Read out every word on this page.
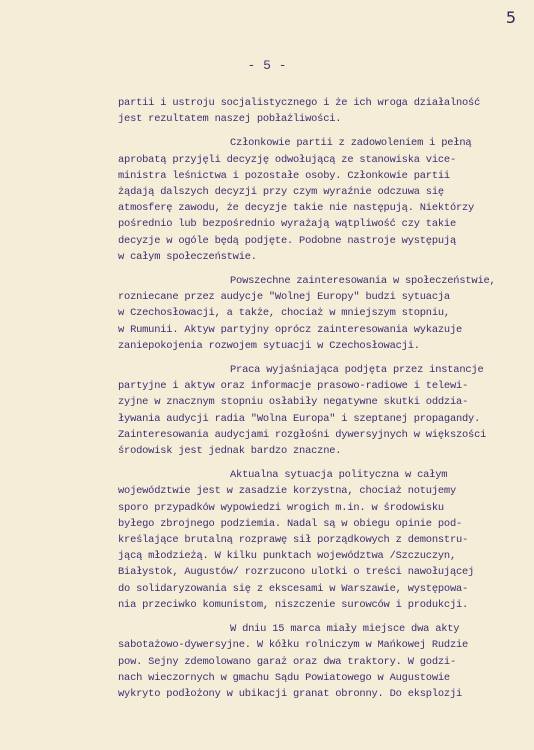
5
- 5 -
partii i ustroju socjalistycznego i że ich wroga działalność
jest rezultatem naszej pobłażliwości.
Członkowie partii z zadowoleniem i pełną
aprobatą przyjęli decyzję odwołującą ze stanowiska vice-
ministra leśnictwa i pozostałe osoby. Członkowie partii
żądają dalszych decyzji przy czym wyraźnie odczuwa się
atmosferę zawodu, że decyzje takie nie następują. Niektórzy
pośrednio lub bezpośrednio wyrażają wątpliwość czy takie
decyzje w ogóle będą podjęte. Podobne nastroje występują
w całym społeczeństwie.
Powszechne zainteresowania w społeczeństwie,
rozniecane przez audycje "Wolnej Europy" budzi sytuacja
w Czechosłowacji, a także, chociaż w mniejszym stopniu,
w Rumunii. Aktyw partyjny oprócz zainteresowania wykazuje
zaniepokojenia rozwojem sytuacji w Czechosłowacji.
Praca wyjaśniająca podjęta przez instancje
partyjne i aktyw oraz informacje prasowo-radiowe i telewi-
zyjne w znacznym stopniu osłabiły negatywne skutki oddzia-
ływania audycji radia "Wolna Europa" i szeptanej propagandy.
Zainteresowania audycjami rozgłośni dywersyjnych w większości
środowisk jest jednak bardzo znaczne.
Aktualna sytuacja polityczna w całym
województwie jest w zasadzie korzystna, chociaż notujemy
sporo przypadków wypowiedzi wrogich m.in. w środowisku
byłego zbrojnego podziemia. Nadal są w obiegu opinie pod-
kreślające brutalną rozprawę sił porządkowych z demonstru-
jącą młodzieżą. W kilku punktach województwa /Szczuczyn,
Białystok, Augustów/ rozrzucono ulotki o treści nawołującej
do solidaryzowania się z ekscesami w Warszawie, występowa-
nia przeciwko komunistom, niszczenie surowców i produkcji.
W dniu 15 marca miały miejsce dwa akty
sabotażowo-dywersyjne. W kółku rolniczym w Mańkowej Rudzie
pow. Sejny zdemolowano garaż oraz dwa traktory. W godzi-
nach wieczornych w gmachu Sądu Powiatowego w Augustowie
wykryto podłożony w ubikacji granat obronny. Do eksplozji
